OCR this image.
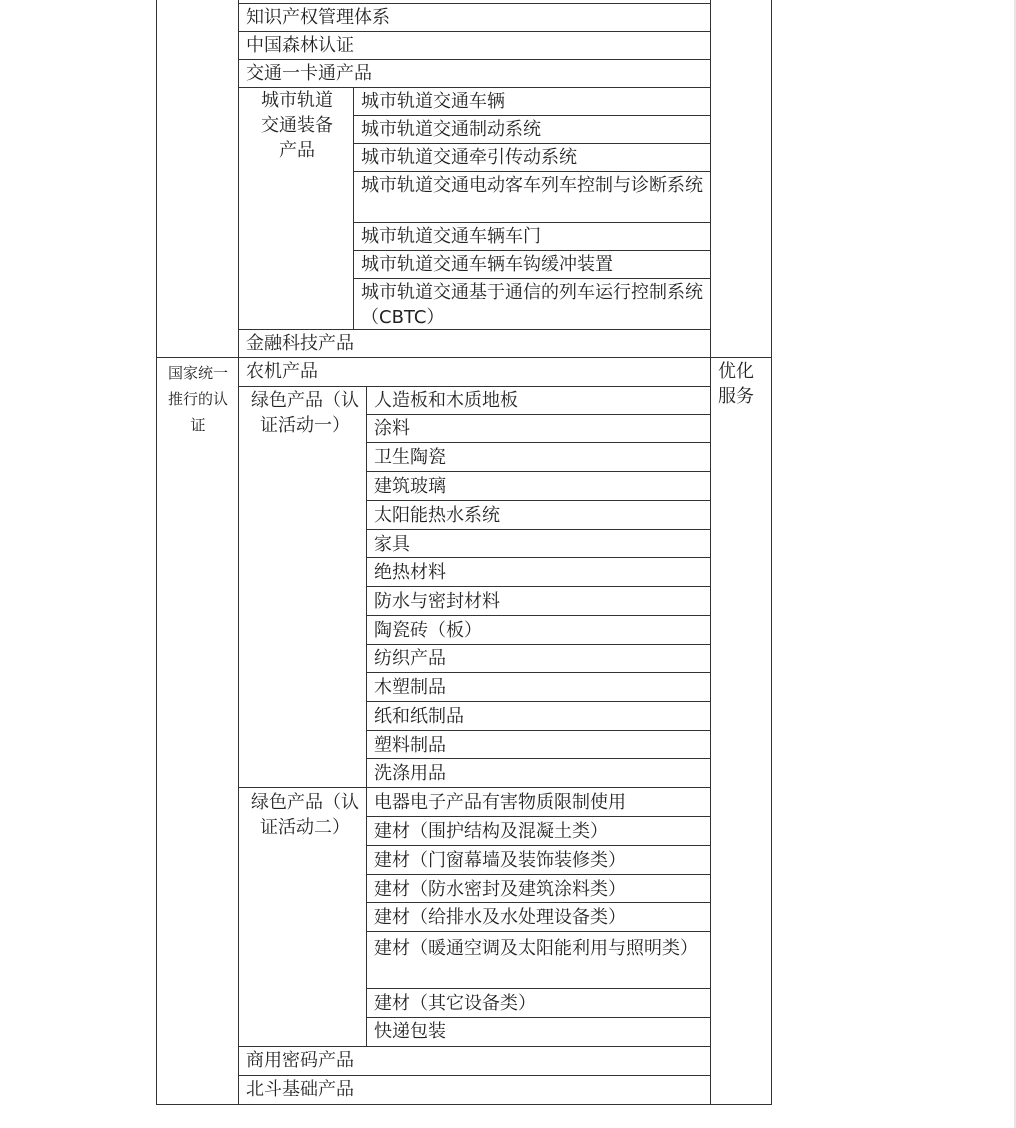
知识产权管理体系
中国森林认证
交通一卡通产品
城市轨道交通装备产品
城市轨道交通车辆
城市轨道交通制动系统
城市轨道交通牵引传动系统
城市轨道交通电动客车列车控制与诊断系统
城市轨道交通车辆车门
城市轨道交通车辆车钩缓冲装置
城市轨道交通基于通信的列车运行控制系统（CBTC）
金融科技产品
国家统一推行的认证
优化服务
农机产品
绿色产品（认证活动一）
人造板和木质地板
涂料
卫生陶瓷
建筑玻璃
太阳能热水系统
家具
绝热材料
防水与密封材料
陶瓷砖（板）
纺织产品
木塑制品
纸和纸制品
塑料制品
洗涤用品
绿色产品（认证活动二）
电器电子产品有害物质限制使用
建材（围护结构及混凝土类）
建材（门窗幕墙及装饰装修类）
建材（防水密封及建筑涂料类）
建材（给排水及水处理设备类）
建材（暖通空调及太阳能利用与照明类）
建材（其它设备类）
快递包装
商用密码产品
北斗基础产品
